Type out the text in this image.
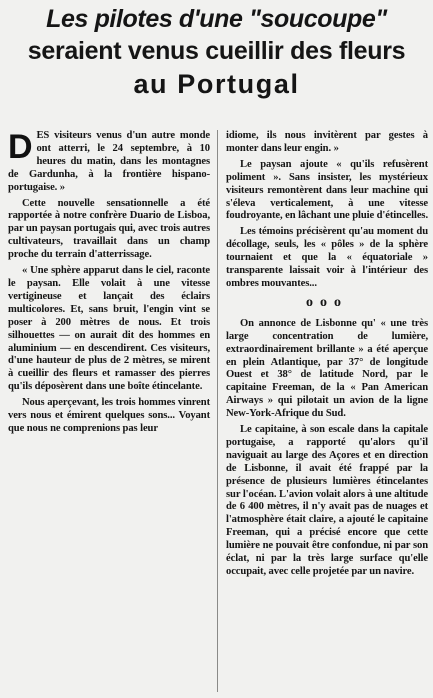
Les pilotes d'une "soucoupe"
seraient venus cueillir des fleurs
au Portugal

DES visiteurs venus d'un autre monde ont atterri, le 24 septembre, à 10 heures du matin, dans les montagnes de Gardunha, à la frontière hispano-portugaise. »

Cette nouvelle sensationnelle a été rapportée à notre confrère Duario de Lisboa, par un paysan portugais qui, avec trois autres cultivateurs, travaillait dans un champ proche du terrain d'atterrissage.

« Une sphère apparut dans le ciel, raconte le paysan. Elle volait à une vitesse vertigineuse et lançait des éclairs multicolores. Et, sans bruit, l'engin vint se poser à 200 mètres de nous. Et trois silhouettes — on aurait dit des hommes en aluminium — en descendirent. Ces visiteurs, d'une hauteur de plus de 2 mètres, se mirent à cueillir des fleurs et ramasser des pierres qu'ils déposèrent dans une boîte étincelante.

Nous aperçevant, les trois hommes vinrent vers nous et émirent quelques sons... Voyant que nous ne comprenions pas leur

idiome, ils nous invitèrent par gestes à monter dans leur engin. »

Le paysan ajoute « qu'ils refusèrent poliment ». Sans insister, les mystérieux visiteurs remontèrent dans leur machine qui s'éleva verticalement, à une vitesse foudroyante, en lâchant une pluie d'étincelles.

Les témoins précisèrent qu'au moment du décollage, seuls, les « pôles » de la sphère tournaient et que la « équatoriale » transparente laissait voir à l'intérieur des ombres mouvantes...

ooo

On annonce de Lisbonne qu' « une très large concentration de lumière, extraordinairement brillante » a été aperçue en plein Atlantique, par 37° de longitude Ouest et 38° de latitude Nord, par le capitaine Freeman, de la « Pan American Airways » qui pilotait un avion de la ligne New-York-Afrique du Sud.

Le capitaine, à son escale dans la capitale portugaise, a rapporté qu'alors qu'il naviguait au large des Açores et en direction de Lisbonne, il avait été frappé par la présence de plusieurs lumières étincelantes sur l'océan. L'avion volait alors à une altitude de 6 400 mètres, il n'y avait pas de nuages et l'atmosphère était claire, a ajouté le capitaine Freeman, qui a précisé encore que cette lumière ne pouvait être confondue, ni par son éclat, ni par la très large surface qu'elle occupait, avec celle projetée par un navire.
